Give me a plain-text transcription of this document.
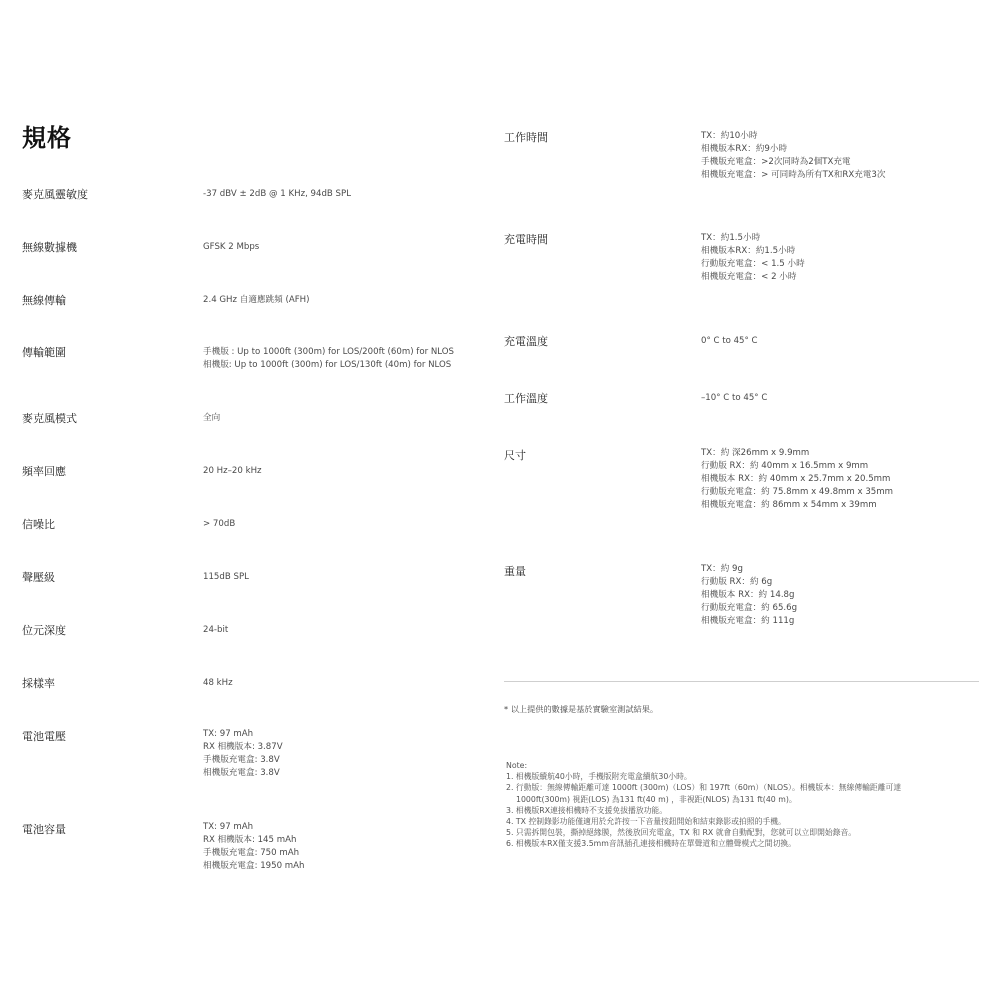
規格
麥克風靈敏度	-37 dBV ± 2dB @ 1 KHz, 94dB SPL
無線數據機	GFSK 2 Mbps
無線傳輸	2.4 GHz 自適應跳頻 (AFH)
傳輸範圍	手機版 : Up to 1000ft (300m) for LOS/200ft (60m) for NLOS
相機版: Up to 1000ft (300m) for LOS/130ft (40m) for NLOS
麥克風模式	全向
頻率回應	20 Hz–20 kHz
信噪比	> 70dB
聲壓級	115dB SPL
位元深度	24-bit
採樣率	48 kHz
電池電壓	TX: 97 mAh
RX 相機版本: 3.87V
手機版充電盒: 3.8V
相機版充電盒: 3.8V
電池容量	TX: 97 mAh
RX 相機版本: 145 mAh
手機版充電盒: 750 mAh
相機版充電盒: 1950 mAh
工作時間	TX：約10小時
相機版本RX：約9小時
手機版充電盒：>2次同時為2個TX充電
相機版充電盒：> 可同時為所有TX和RX充電3次
充電時間	TX：約1.5小時
相機版本RX：約1.5小時
行動版充電盒：< 1.5 小時
相機版充電盒：< 2 小時
充電溫度	0° C to 45° C
工作溫度	–10° C to 45° C
尺寸	TX：約 深26mm x 9.9mm
行動版 RX：約 40mm x 16.5mm x 9mm
相機版本 RX：約 40mm x 25.7mm x 20.5mm
行動版充電盒：約 75.8mm x 49.8mm x 35mm
相機版充電盒：約 86mm x 54mm x 39mm
重量	TX：約 9g
行動版 RX：約 6g
相機版本 RX：約 14.8g
行動版充電盒：約 65.6g
相機版充電盒：約 111g
* 以上提供的數據是基於實驗室測試結果。
Note:
1. 相機版續航40小時，手機版附充電盒續航30小時。
2. 行動版：無線傳輸距離可達 1000ft (300m)（LOS）和 197ft（60m）（NLOS）。相機版本：無線傳輸距離可達
1000ft(300m) 視距(LOS) 為131 ft(40 m) ，非視距(NLOS) 為131 ft(40 m)。
3. 相機版RX連接相機時不支援免拔播放功能。
4. TX 控制錄影功能僅適用於允許按一下音量按鈕開始和結束錄影或拍照的手機。
5. 只需拆開包裝，撕掉絕緣膜，然後放回充電盒，TX 和 RX 就會自動配對，您就可以立即開始錄音。
6. 相機版本RX僅支援3.5mm音訊插孔連接相機時在單聲道和立體聲模式之間切換。
